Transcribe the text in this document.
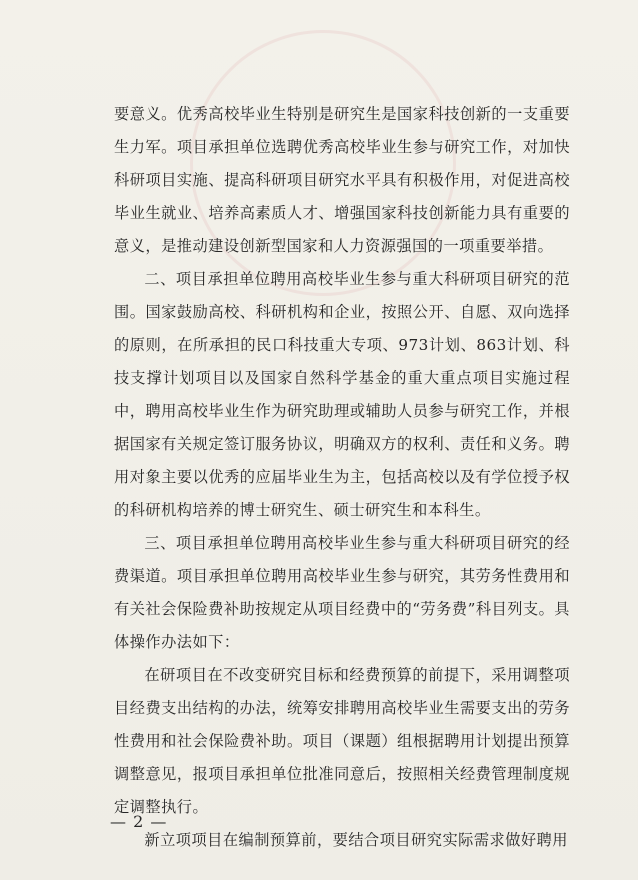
要意义。优秀高校毕业生特别是研究生是国家科技创新的一支重要生力军。项目承担单位选聘优秀高校毕业生参与研究工作，对加快科研项目实施、提高科研项目研究水平具有积极作用，对促进高校毕业生就业、培养高素质人才、增强国家科技创新能力具有重要的意义，是推动建设创新型国家和人力资源强国的一项重要举措。

二、项目承担单位聘用高校毕业生参与重大科研项目研究的范围。国家鼓励高校、科研机构和企业，按照公开、自愿、双向选择的原则，在所承担的民口科技重大专项、973计划、863计划、科技支撑计划项目以及国家自然科学基金的重大重点项目实施过程中，聘用高校毕业生作为研究助理或辅助人员参与研究工作，并根据国家有关规定签订服务协议，明确双方的权利、责任和义务。聘用对象主要以优秀的应届毕业生为主，包括高校以及有学位授予权的科研机构培养的博士研究生、硕士研究生和本科生。

三、项目承担单位聘用高校毕业生参与重大科研项目研究的经费渠道。项目承担单位聘用高校毕业生参与研究，其劳务性费用和有关社会保险费补助按规定从项目经费中的“劳务费”科目列支。具体操作办法如下：

在研项目在不改变研究目标和经费预算的前提下，采用调整项目经费支出结构的办法，统筹安排聘用高校毕业生需要支出的劳务性费用和社会保险费补助。项目（课题）组根据聘用计划提出预算调整意见，报项目承担单位批准同意后，按照相关经费管理制度规定调整执行。

新立项项目在编制预算前，要结合项目研究实际需求做好聘用

— 2 —
